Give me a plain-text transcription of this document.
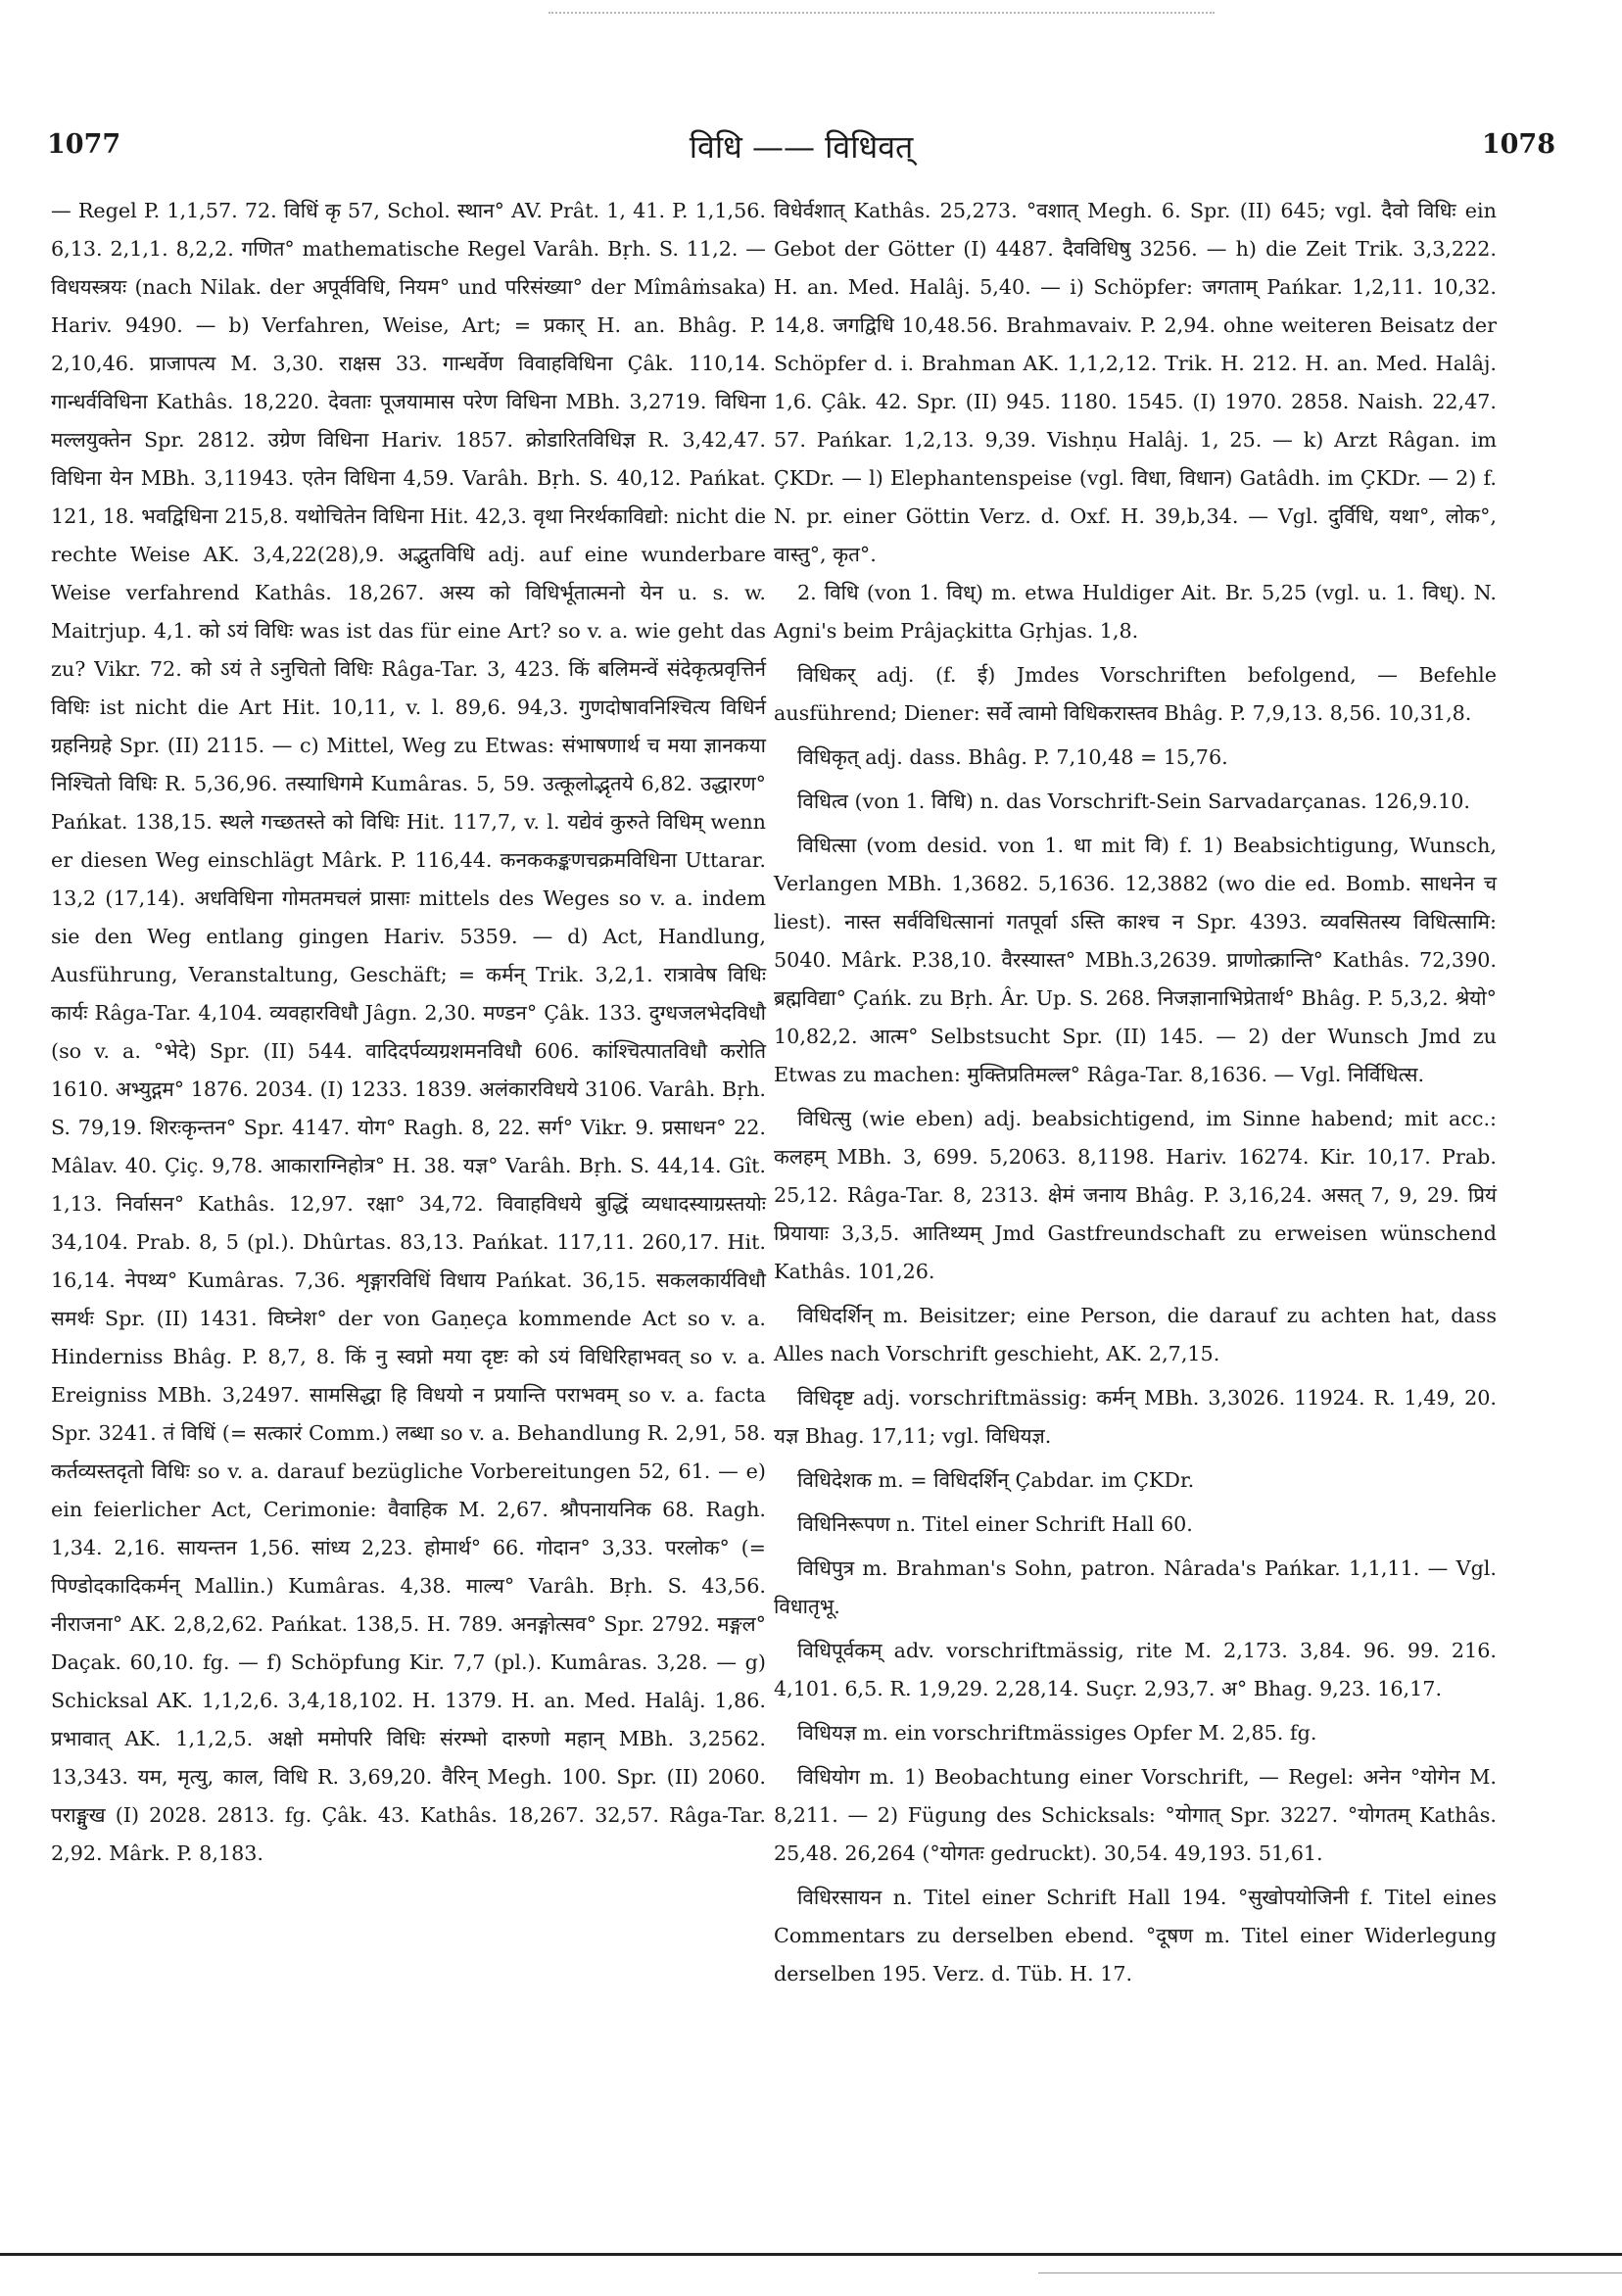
1077	विधि —— विधिवत्	1078

— Regel P. 1,1,57. 72. विधिं कृ 57, Schol. स्थान° AV. Prât. 1, 41. P. 1,1,56. 6,13. 2,1,1. 8,2,2. गणित° mathematische Regel Varâh. Bṛh. S. 11,2. — विधयस्त्रयः (nach Nilak. der अपूर्वविधि, नियम° und परिसंख्या° der Mîmâṁsaka) Hariv. 9490. — b) Verfahren, Weise, Art; = प्रकार् H. an. Bhâg. P. 2,10,46. प्राजापत्य M. 3,30. राक्षस 33. गान्धर्वेण विवाहविधिना Çâk. 110,14. गान्धर्वविधिना Kathâs. 18,220. देवताः पूजयामास परेण विधिना MBh. 3,2719. विधिना मल्लयुक्तेन Spr. 2812. उग्रेण विधिना Hariv. 1857. क्रोडारितविधिज्ञ R. 3,42,47. विधिना येन MBh. 3,11943. एतेन विधिना 4,59. Varâh. Bṛh. S. 40,12. Pańkat. 121, 18. भवद्विधिना 215,8. यथोचितेन विधिना Hit. 42,3. वृथा निरर्थकाविद्यो: nicht die rechte Weise AK. 3,4,22(28),9. अद्भुतविधि adj. auf eine wunderbare Weise verfahrend Kathâs. 18,267. अस्य को विधिर्भूतात्मनो येन u. s. w. Maitrjup. 4,1. को ऽयं विधिः was ist das für eine Art? so v. a. wie geht das zu? Vikr. 72. को ऽयं ते ऽनुचितो विधिः Râga-Tar. 3, 423. किं बलिमन्वें संदेकृत्प्रवृत्तिर्न विधिः ist nicht die Art Hit. 10,11, v. l. 89,6. 94,3. गुणदोषावनिश्चित्य विधिर्न ग्रहनिग्रहे Spr. (II) 2115. — c) Mittel, Weg zu Etwas: संभाषणार्थ च मया ज्ञानकया निश्चितो विधिः R. 5,36,96. तस्याधिगमे Kumâras. 5, 59. उत्कूलोद्भृतये 6,82. उद्धारण° Pańkat. 138,15. स्थले गच्छतस्ते को विधिः Hit. 117,7, v. l. यद्येवं कुरुते विधिम् wenn er diesen Weg einschlägt Mârk. P. 116,44. कनककङ्कणचक्रमविधिना Uttarar. 13,2 (17,14). अधविधिना गोमतमचलं प्रासाः mittels des Weges so v. a. indem sie den Weg entlang gingen Hariv. 5359. — d) Act, Handlung, Ausführung, Veranstaltung, Geschäft; = कर्मन् Trik. 3,2,1. रात्रावेष विधिः कार्यः Râga-Tar. 4,104. व्यवहारविधौ Jâgn. 2,30. मण्डन° Çâk. 133. दुग्धजलभेदविधौ (so v. a. °भेदे) Spr. (II) 544. वादिदर्पव्यग्रशमनविधौ 606. कांश्चित्पातविधौ करोति 1610. अभ्युद्गम° 1876. 2034. (I) 1233. 1839. अलंकारविधये 3106. Varâh. Bṛh. S. 79,19. शिरःकृन्तन° Spr. 4147. योग° Ragh. 8, 22. सर्ग° Vikr. 9. प्रसाधन° 22. Mâlav. 40. Çiç. 9,78. आकाराग्निहोत्र° H. 38. यज्ञ° Varâh. Bṛh. S. 44,14. Gît. 1,13. निर्वासन° Kathâs. 12,97. रक्षा° 34,72. विवाहविधये बुद्धिं व्यधादस्याग्रस्तयोः 34,104. Prab. 8, 5 (pl.). Dhûrtas. 83,13. Pańkat. 117,11. 260,17. Hit. 16,14. नेपथ्य° Kumâras. 7,36. शृङ्गारविधिं विधाय Pańkat. 36,15. सकलकार्यविधौ समर्थः Spr. (II) 1431. विघ्नेश° der von Gaṇeça kommende Act so v. a. Hinderniss Bhâg. P. 8,7, 8. किं नु स्वप्नो मया दृष्टः को ऽयं विधिरिहाभवत् so v. a. Ereigniss MBh. 3,2497. सामसिद्धा हि विधयो न प्रयान्ति पराभवम् so v. a. facta Spr. 3241. तं विधिं (= सत्कारं Comm.) लब्धा so v. a. Behandlung R. 2,91, 58. कर्तव्यस्तदृतो विधिः so v. a. darauf bezügliche Vorbereitungen 52, 61. — e) ein feierlicher Act, Cerimonie: वैवाहिक M. 2,67. श्रौपनायनिक 68. Ragh. 1,34. 2,16. सायन्तन 1,56. सांध्य 2,23. होमार्थ° 66. गोदान° 3,33. परलोक° (= पिण्डोदकादिकर्मन् Mallin.) Kumâras. 4,38. माल्य° Varâh. Bṛh. S. 43,56. नीराजना° AK. 2,8,2,62. Pańkat. 138,5. H. 789. अनङ्गोत्सव° Spr. 2792. मङ्गल° Daçak. 60,10. fg. — f) Schöpfung Kir. 7,7 (pl.). Kumâras. 3,28. — g) Schicksal AK. 1,1,2,6. 3,4,18,102. H. 1379. H. an. Med. Halâj. 1,86. प्रभावात् AK. 1,1,2,5. अक्षो ममोपरि विधिः संरम्भो दारुणो महान् MBh. 3,2562. 13,343. यम, मृत्यु, काल, विधि R. 3,69,20. वैरिन् Megh. 100. Spr. (II) 2060. पराङ्मुख (I) 2028. 2813. fg. Çâk. 43. Kathâs. 18,267. 32,57. Râga-Tar. 2,92. Mârk. P. 8,183.

विधेर्वशात् Kathâs. 25,273. °वशात् Megh. 6. Spr. (II) 645; vgl. दैवो विधिः ein Gebot der Götter (I) 4487. दैवविधिषु 3256. — h) die Zeit Trik. 3,3,222. H. an. Med. Halâj. 5,40. — i) Schöpfer: जगताम् Pańkar. 1,2,11. 10,32. 14,8. जगद्विधि 10,48.56. Brahmavaiv. P. 2,94. ohne weiteren Beisatz der Schöpfer d. i. Brahman AK. 1,1,2,12. Trik. H. 212. H. an. Med. Halâj. 1,6. Çâk. 42. Spr. (II) 945. 1180. 1545. (I) 1970. 2858. Naish. 22,47. 57. Pańkar. 1,2,13. 9,39. Vishṇu Halâj. 1, 25. — k) Arzt Râgan. im ÇKDr. — l) Elephantenspeise (vgl. विधा, विधान) Gatâdh. im ÇKDr. — 2) f. N. pr. einer Göttin Verz. d. Oxf. H. 39,b,34. — Vgl. दुर्विधि, यथा°, लोक°, वास्तु°, कृत°.

2. विधि (von 1. विध्) m. etwa Huldiger Ait. Br. 5,25 (vgl. u. 1. विध्). N. Agni's beim Prâjaçkitta Gṛhjas. 1,8.

विधिकर् adj. (f. ई) Jmdes Vorschriften befolgend, — Befehle ausführend; Diener: सर्वे त्वामो विधिकरास्तव Bhâg. P. 7,9,13. 8,56. 10,31,8.

विधिकृत् adj. dass. Bhâg. P. 7,10,48 = 15,76.

विधित्व (von 1. विधि) n. das Vorschrift-Sein Sarvadarçanas. 126,9.10.

विधित्सा (vom desid. von 1. धा mit वि) f. 1) Beabsichtigung, Wunsch, Verlangen MBh. 1,3682. 5,1636. 12,3882 (wo die ed. Bomb. साधनेन च liest). नास्त सर्वविधित्सानां गतपूर्वा ऽस्ति काश्च न Spr. 4393. व्यवसितस्य विधित्सामि: 5040. Mârk. P.38,10. वैरस्यास्त° MBh.3,2639. प्राणोत्क्रान्ति° Kathâs. 72,390. ब्रह्मविद्या° Çańk. zu Bṛh. Âr. Up. S. 268. निजज्ञानाभिप्रेतार्थ° Bhâg. P. 5,3,2. श्रेयो° 10,82,2. आत्म° Selbstsucht Spr. (II) 145. — 2) der Wunsch Jmd zu Etwas zu machen: मुक्तिप्रतिमल्ल° Râga-Tar. 8,1636. — Vgl. निर्विधित्स.

विधित्सु (wie eben) adj. beabsichtigend, im Sinne habend; mit acc.: कलहम् MBh. 3, 699. 5,2063. 8,1198. Hariv. 16274. Kir. 10,17. Prab. 25,12. Râga-Tar. 8, 2313. क्षेमं जनाय Bhâg. P. 3,16,24. असत् 7, 9, 29. प्रियं प्रियायाः 3,3,5. आतिथ्यम् Jmd Gastfreundschaft zu erweisen wünschend Kathâs. 101,26.

विधिदर्शिन् m. Beisitzer; eine Person, die darauf zu achten hat, dass Alles nach Vorschrift geschieht, AK. 2,7,15.

विधिदृष्ट adj. vorschriftmässig: कर्मन् MBh. 3,3026. 11924. R. 1,49, 20. यज्ञ Bhag. 17,11; vgl. विधियज्ञ.

विधिदेशक m. = विधिदर्शिन् Çabdar. im ÇKDr.

विधिनिरूपण n. Titel einer Schrift Hall 60.

विधिपुत्र m. Brahman's Sohn, patron. Nârada's Pańkar. 1,1,11. — Vgl. विधातृभू.

विधिपूर्वकम् adv. vorschriftmässig, rite M. 2,173. 3,84. 96. 99. 216. 4,101. 6,5. R. 1,9,29. 2,28,14. Suçr. 2,93,7. अ° Bhag. 9,23. 16,17.

विधियज्ञ m. ein vorschriftmässiges Opfer M. 2,85. fg.

विधियोग m. 1) Beobachtung einer Vorschrift, — Regel: अनेन °योगेन M. 8,211. — 2) Fügung des Schicksals: °योगात् Spr. 3227. °योगतम् Kathâs. 25,48. 26,264 (°योगतः gedruckt). 30,54. 49,193. 51,61.

विधिरसायन n. Titel einer Schrift Hall 194. °सुखोपयोजिनी f. Titel eines Commentars zu derselben ebend. °दूषण m. Titel einer Widerlegung derselben 195. Verz. d. Tüb. H. 17.
